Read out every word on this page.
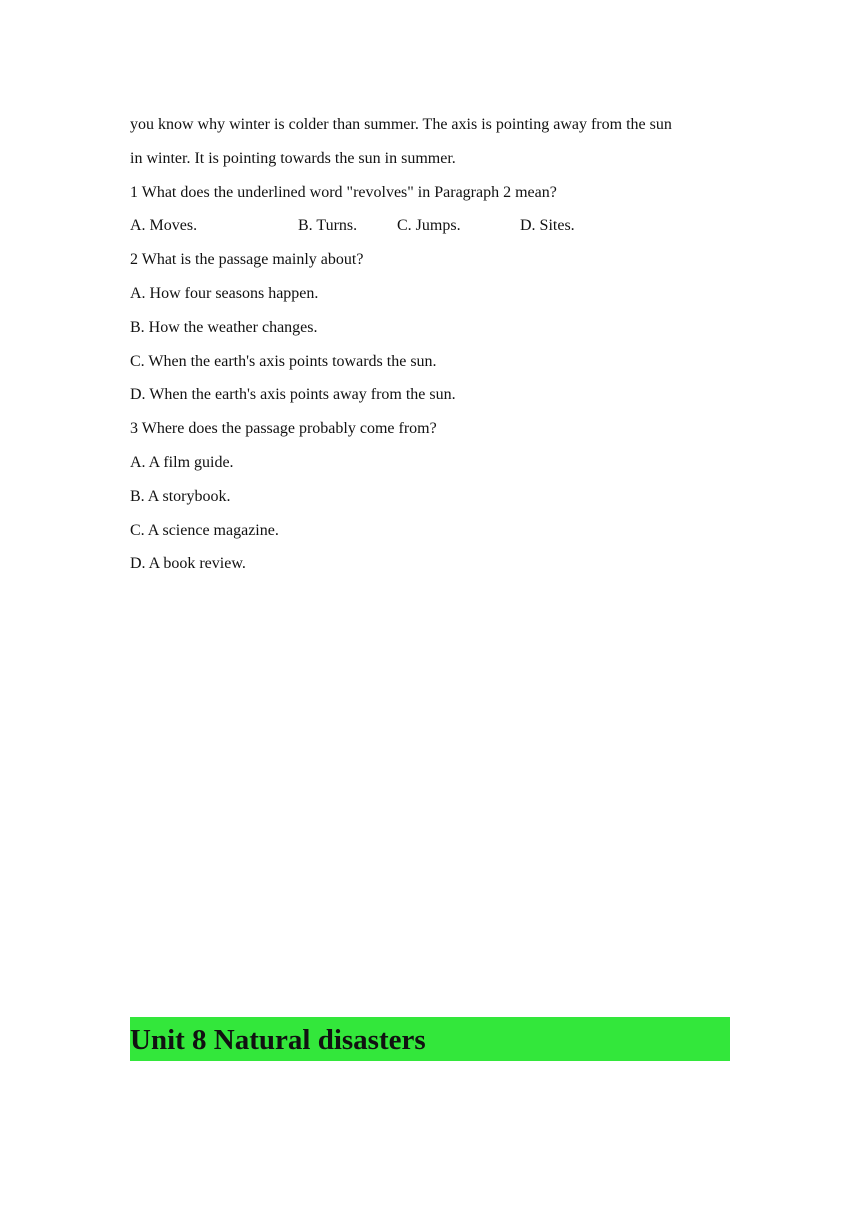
you know why winter is colder than summer. The axis is pointing away from the sun
in winter. It is pointing towards the sun in summer.
1 What does the underlined word "revolves" in Paragraph 2 mean?
A. Moves.	B. Turns. C. Jumps.	D. Sites.
2 What is the passage mainly about?
A. How four seasons happen.
B. How the weather changes.
C. When the earth's axis points towards the sun.
D. When the earth's axis points away from the sun.
3 Where does the passage probably come from?
A. A film guide.
B. A storybook.
C. A science magazine.
D. A book review.
Unit 8 Natural disasters
